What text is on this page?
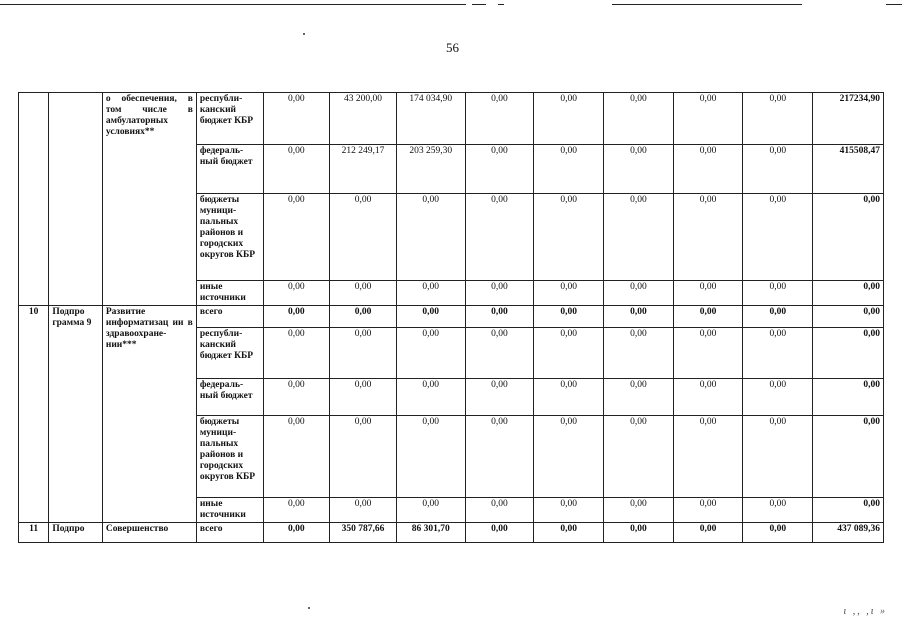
56
		о обеспечения, в том числе в амбулаторных условиях**	республи-канский бюджет КБР	0,00	43 200,00	174 034,90	0,00	0,00	0,00	0,00	0,00	217234,90
			федераль-ный бюджет	0,00	212 249,17	203 259,30	0,00	0,00	0,00	0,00	0,00	415508,47
			бюджеты муници-пальных районов и городских округов КБР	0,00	0,00	0,00	0,00	0,00	0,00	0,00	0,00	0,00
			иные источники	0,00	0,00	0,00	0,00	0,00	0,00	0,00	0,00	0,00
10	Подпро грамма 9	Развитие информатизац ии в здравоохране-нии***	всего	0,00	0,00	0,00	0,00	0,00	0,00	0,00	0,00	0,00
			республи-канский бюджет КБР	0,00	0,00	0,00	0,00	0,00	0,00	0,00	0,00	0,00
			федераль-ный бюджет	0,00	0,00	0,00	0,00	0,00	0,00	0,00	0,00	0,00
			бюджеты муници-пальных районов и городских округов КБР	0,00	0,00	0,00	0,00	0,00	0,00	0,00	0,00	0,00
			иные источники	0,00	0,00	0,00	0,00	0,00	0,00	0,00	0,00	0,00
11	Подпро	Совершенство	всего	0,00	350 787,66	86 301,70	0,00	0,00	0,00	0,00	0,00	437 089,36
ι ,, ,ι »
